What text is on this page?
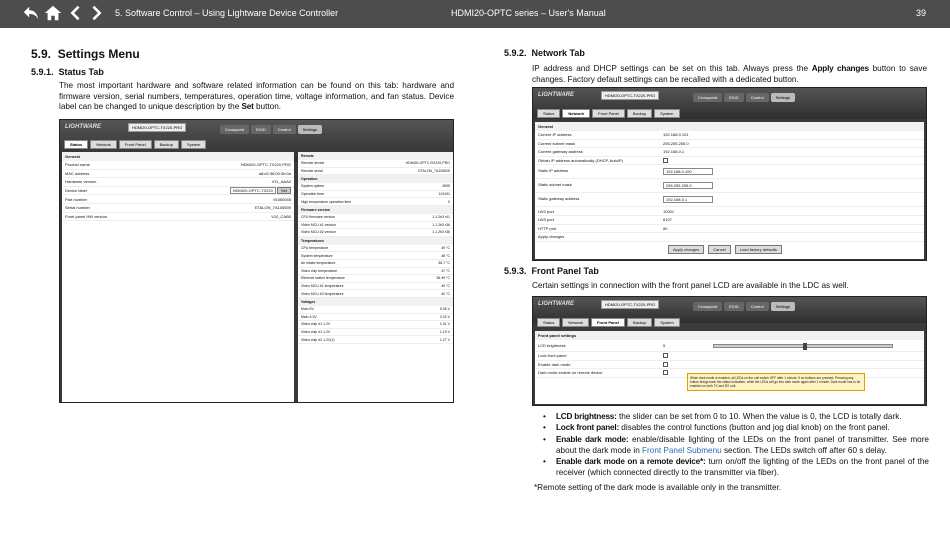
5. Software Control – Using Lightware Device Controller	HDMI20-OPTC series – User's Manual	39
5.9. Settings Menu
5.9.1. Status Tab
The most important hardware and software related information can be found on this tab: hardware and firmware version, serial numbers, temperatures, operation time, voltage information, and fan status. Device label can be changed to unique description by the Set button.
LIGHTWARE	HDMI20-OPTC-TX220-PRO	Crosspoint	EDID	Control	Settings
Status	Network	Front Panel	Backup	System
General
Product name	HDMI20-OPTC-TX220-PRO
MAC address	a8:d2:36:00:3b:0a
Hardware version	V11_AAA0
Device label	HDMI20-OPTC-TX220 Set
Part number	91550045
Serial number	ETALON_7A105539
Front panel HW version	V10_CAB0
Remote
Remote device	HDMI20-OPTC-RX220-PRO
Remote serial	ETALON_7A105525
Operation
System uptime	4595
Operation time	101191
High temperature operation time	0
Firmware version
CPU firmware version	1.1.2b3 r41
Video MCU #1 version	1.1.2b3 r36
Video MCU #2 version	1.1.2b3 r36
Temperatures
CPU temperature	49 °C
System temperature	48 °C
Air intake temperature	38.7 °C
Video chip temperature	47 °C
Ethernet switch temperature	35.99 °C
Video MCU #1 temperature	49 °C
Video MCU #2 temperature	40 °C
Voltages
Main 5V	5.06 V
Main 3.3V	3.32 V
Video chip #1 1.2V	1.31 V
Video chip #1 1.2V	1.19 V
Video chip #2 1.2V(1)	1.27 V
5.9.2. Network Tab
IP address and DHCP settings can be set on this tab. Always press the Apply changes button to save changes. Factory default settings can be recalled with a dedicated button.
LIGHTWARE	HDMI20-OPTC-TX220-PRO	Crosspoint	EDID	Control	Settings
Status	Network	Front Panel	Backup	System
General
Current IP address	192.168.0.101
Current subnet mask	255.255.255.0
Current gateway address	192.168.0.1
Obtain IP address automatically (DHCP, AutoIP)
Static IP address	192.168.0.100
Static subnet mask	255.255.255.0
Static gateway address	192.168.0.1
LW2 port	10001
LW3 port	6107
HTTP port	80
Apply changes
Apply changes	Cancel	Load factory defaults
5.9.3. Front Panel Tab
Certain settings in connection with the front panel LCD are available in the LDC as well.
LIGHTWARE	HDMI20-OPTC-TX220-PRO	Crosspoint	EDID	Control	Settings
Status	Network	Front Panel	Backup	System
Front panel settings
LCD brightness	5
Lock front panel
Enable dark mode
Dark mode enable on remote device
When dark mode is enabled, all LEDs on the unit switch OFF after 1 minute, if no buttons are pressed. Pressing any button brings back the status indication, while the LEDs will go into dark mode again after 1 minute. Dark mode has to be enabled on both TX and RX unit.
• LCD brightness: the slider can be set from 0 to 10. When the value is 0, the LCD is totally dark.
• Lock front panel: disables the control functions (button and jog dial knob) on the front panel.
• Enable dark mode: enable/disable lighting of the LEDs on the front panel of transmitter. See more about the dark mode in Front Panel Submenu section. The LEDs switch off after 60 s delay.
• Enable dark mode on a remote device*: turn on/off the lighting of the LEDs on the front panel of the receiver (which connected directly to the transmitter via fiber).
*Remote setting of the dark mode is available only in the transmitter.
